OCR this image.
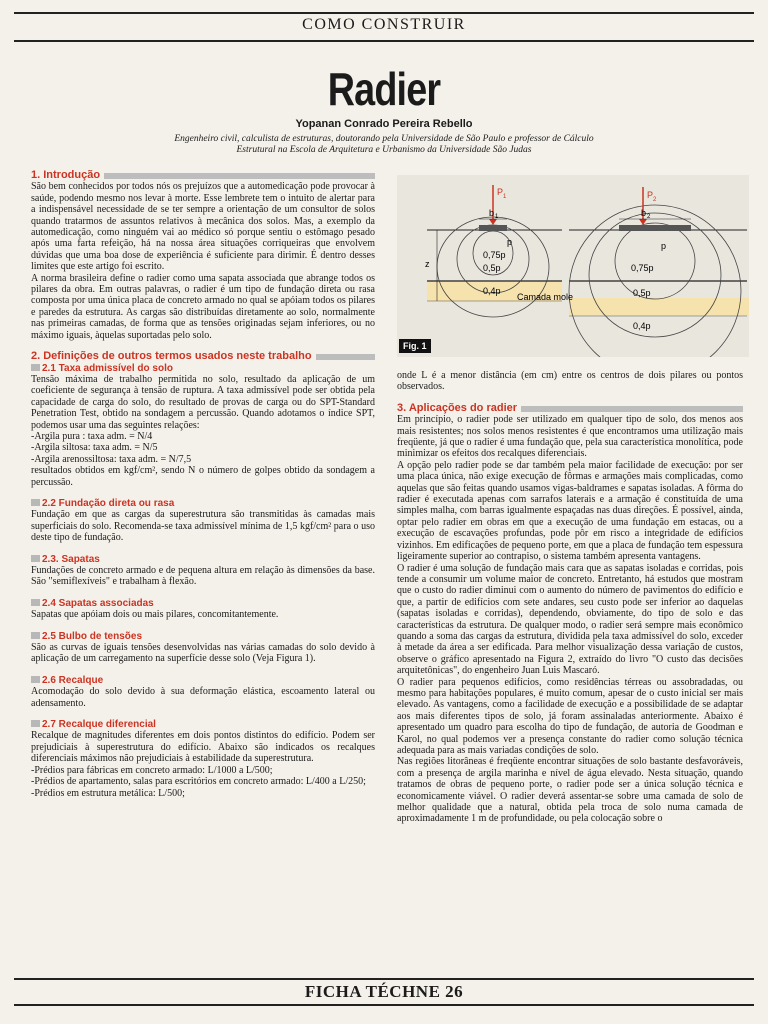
COMO CONSTRUIR
Radier
Yopanan Conrado Pereira Rebello
Engenheiro civil, calculista de estruturas, doutorando pela Universidade de São Paulo e professor de Cálculo Estrutural na Escola de Arquitetura e Urbanismo da Universidade São Judas
1. Introdução

São bem conhecidos por todos nós os prejuízos que a automedicação pode provocar à saúde, podendo mesmo nos levar à morte. Esse lembrete tem o intuito de alertar para a indispensável necessidade de se ter sempre a orientação de um consultor de solos quando tratarmos de assuntos relativos à mecânica dos solos. Mas, a exemplo da automedicação, como ninguém vai ao médico só porque sentiu o estômago pesado após uma farta refeição, há na nossa área situações corriqueiras que envolvem dúvidas que uma boa dose de experiência é suficiente para dirimir. É dentro desses limites que este artigo foi escrito.

A norma brasileira define o radier como uma sapata associada que abrange todos os pilares da obra. Em outras palavras, o radier é um tipo de fundação direta ou rasa composta por uma única placa de concreto armado no qual se apóiam todos os pilares e paredes da estrutura. As cargas são distribuídas diretamente ao solo, normalmente nas primeiras camadas, de forma que as tensões originadas sejam inferiores, ou no máximo iguais, àquelas suportadas pelo solo.

2. Definições de outros termos usados neste trabalho
2.1 Taxa admissível do solo

Tensão máxima de trabalho permitida no solo, resultado da aplicação de um coeficiente de segurança à tensão de ruptura. A taxa admissível pode ser obtida pela capacidade de carga do solo, do resultado de provas de carga ou do SPT-Standard Penetration Test, obtido na sondagem a percussão. Quando adotamos o índice SPT, podemos usar uma das seguintes relações:

-Argila pura : taxa adm. = N/4

-Argila siltosa: taxa adm. = N/5

-Argila arenossiltosa: taxa adm. = N/7,5

resultados obtidos em kgf/cm², sendo N o número de golpes obtido da sondagem a percussão.

2.2 Fundação direta ou rasa

Fundação em que as cargas da superestrutura são transmitidas às camadas mais superficiais do solo. Recomenda-se taxa admissível mínima de 1,5 kgf/cm² para o uso deste tipo de fundação.

2.3. Sapatas

Fundações de concreto armado e de pequena altura em relação às dimensões da base. São "semiflexíveis" e trabalham à flexão.

2.4 Sapatas associadas

Sapatas que apóiam dois ou mais pilares, concomitantemente.

2.5 Bulbo de tensões

São as curvas de iguais tensões desenvolvidas nas várias camadas do solo devido à aplicação de um carregamento na superfície desse solo (Veja Figura 1).

2.6 Recalque

Acomodação do solo devido à sua deformação elástica, escoamento lateral ou adensamento.

2.7 Recalque diferencial

Recalque de magnitudes diferentes em dois pontos distintos do edifício. Podem ser prejudiciais à superestrutura do edifício. Abaixo são indicados os recalques diferenciais máximos não prejudiciais à estabilidade da superestrutura.

-Prédios para fábricas em concreto armado: L/1000 a L/500;

-Prédios de apartamento, salas para escritórios em concreto armado: L/400 a L/250;

-Prédios em estrutura metálica: L/500;

P 1
b 1
P 2
b 2
z
p	p
0,75p
0,5p
0,4p
Camada mole
0,75p
0,5p
0,4p
Fig. 1

onde L é a menor distância (em cm) entre os centros de dois pilares ou pontos observados.

3. Aplicações do radier

Em princípio, o radier pode ser utilizado em qualquer tipo de solo, dos menos aos mais resistentes; nos solos menos resistentes é que encontramos uma utilização mais freqüente, já que o radier é uma fundação que, pela sua característica monolítica, pode minimizar os efeitos dos recalques diferenciais.

A opção pelo radier pode se dar também pela maior facilidade de execução: por ser uma placa única, não exige execução de fôrmas e armações mais complicadas, como aquelas que são feitas quando usamos vigas-baldrames e sapatas isoladas. A fôrma do radier é executada apenas com sarrafos laterais e a armação é constituída de uma simples malha, com barras igualmente espaçadas nas duas direções. É possível, ainda, optar pelo radier em obras em que a execução de uma fundação em estacas, ou a execução de escavações profundas, pode pôr em risco a integridade de edifícios vizinhos. Em edificações de pequeno porte, em que a placa de fundação tem espessura ligeiramente superior ao contrapiso, o sistema também apresenta vantagens.

O radier é uma solução de fundação mais cara que as sapatas isoladas e corridas, pois tende a consumir um volume maior de concreto. Entretanto, há estudos que mostram que o custo do radier diminui com o aumento do número de pavimentos do edifício e que, a partir de edifícios com sete andares, seu custo pode ser inferior ao daquelas (sapatas isoladas e corridas), dependendo, obviamente, do tipo de solo e das características da estrutura. De qualquer modo, o radier será sempre mais econômico quando a soma das cargas da estrutura, dividida pela taxa admissível do solo, exceder à metade da área a ser edificada. Para melhor visualização dessa variação de custos, observe o gráfico apresentado na Figura 2, extraído do livro "O custo das decisões arquitetônicas", do engenheiro Juan Luis Mascaró.

O radier para pequenos edifícios, como residências térreas ou assobradadas, ou mesmo para habitações populares, é muito comum, apesar de o custo inicial ser mais elevado. As vantagens, como a facilidade de execução e a possibilidade de se adaptar aos mais diferentes tipos de solo, já foram assinaladas anteriormente. Abaixo é apresentado um quadro para escolha do tipo de fundação, de autoria de Goodman e Karol, no qual podemos ver a presença constante do radier como solução técnica adequada para as mais variadas condições de solo.

Nas regiões litorâneas é freqüente encontrar situações de solo bastante desfavoráveis, com a presença de argila marinha e nível de água elevado. Nesta situação, quando tratamos de obras de pequeno porte, o radier pode ser a única solução técnica e economicamente viável. O radier deverá assentar-se sobre uma camada de solo de melhor qualidade que a natural, obtida pela troca de solo numa camada de aproximadamente 1 m de profundidade, ou pela colocação sobre o

FICHA TÉCHNE 26
